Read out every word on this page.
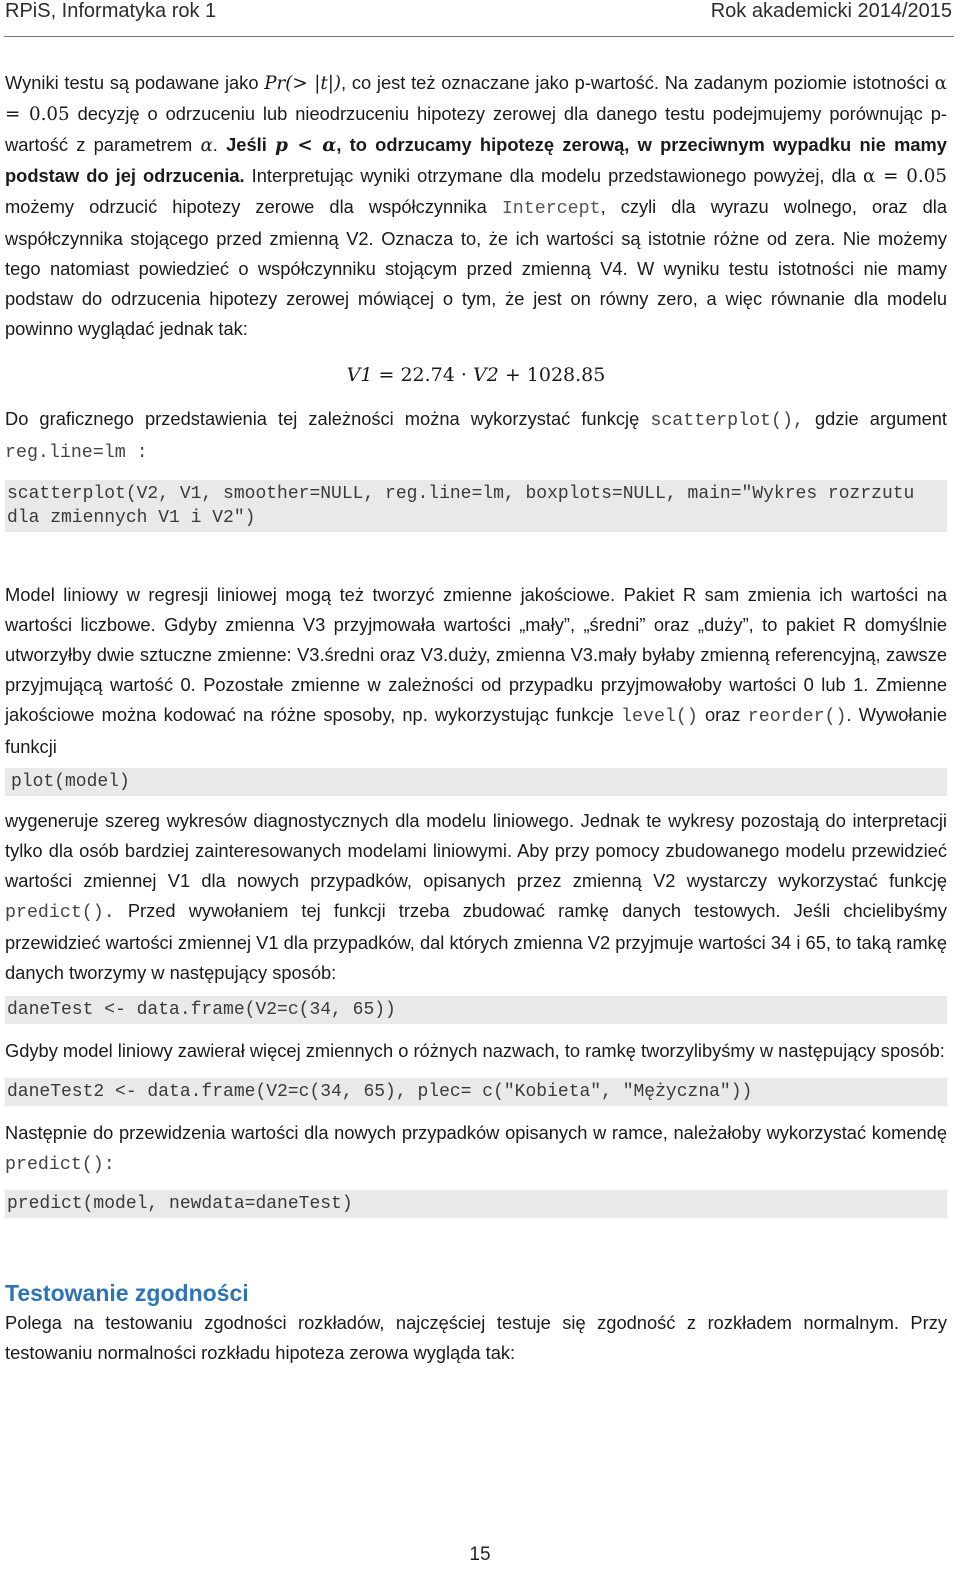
RPiS, Informatyka rok 1	Rok akademicki 2014/2015

Wyniki testu są podawane jako Pr(> |t|), co jest też oznaczane jako p-wartość. Na zadanym poziomie istotności α = 0.05 decyzję o odrzuceniu lub nieodrzuceniu hipotezy zerowej dla danego testu podejmujemy porównując p-wartość z parametrem α. Jeśli p < α, to odrzucamy hipotezę zerową, w przeciwnym wypadku nie mamy podstaw do jej odrzucenia. Interpretując wyniki otrzymane dla modelu przedstawionego powyżej, dla α = 0.05 możemy odrzucić hipotezy zerowe dla współczynnika Intercept, czyli dla wyrazu wolnego, oraz dla współczynnika stojącego przed zmienną V2. Oznacza to, że ich wartości są istotnie różne od zera. Nie możemy tego natomiast powiedzieć o współczynniku stojącym przed zmienną V4. W wyniku testu istotności nie mamy podstaw do odrzucenia hipotezy zerowej mówiącej o tym, że jest on równy zero, a więc równanie dla modelu powinno wyglądać jednak tak:

V1 = 22.74 · V2 + 1028.85

Do graficznego przedstawienia tej zależności można wykorzystać funkcję scatterplot(), gdzie argument reg.line=lm :

scatterplot(V2, V1, smoother=NULL, reg.line=lm, boxplots=NULL, main="Wykres rozrzutu dla zmiennych V1 i V2")

Model liniowy w regresji liniowej mogą też tworzyć zmienne jakościowe. Pakiet R sam zmienia ich wartości na wartości liczbowe. Gdyby zmienna V3 przyjmowała wartości „mały”, „średni” oraz „duży”, to pakiet R domyślnie utworzyłby dwie sztuczne zmienne: V3.średni oraz V3.duży, zmienna V3.mały byłaby zmienną referencyjną, zawsze przyjmującą wartość 0. Pozostałe zmienne w zależności od przypadku przyjmowałoby wartości 0 lub 1. Zmienne jakościowe można kodować na różne sposoby, np. wykorzystując funkcje level() oraz reorder(). Wywołanie funkcji

plot(model)

wygeneruje szereg wykresów diagnostycznych dla modelu liniowego. Jednak te wykresy pozostają do interpretacji tylko dla osób bardziej zainteresowanych modelami liniowymi. Aby przy pomocy zbudowanego modelu przewidzieć wartości zmiennej V1 dla nowych przypadków, opisanych przez zmienną V2 wystarczy wykorzystać funkcję predict(). Przed wywołaniem tej funkcji trzeba zbudować ramkę danych testowych. Jeśli chcielibyśmy przewidzieć wartości zmiennej V1 dla przypadków, dal których zmienna V2 przyjmuje wartości 34 i 65, to taką ramkę danych tworzymy w następujący sposób:

daneTest <- data.frame(V2=c(34, 65))

Gdyby model liniowy zawierał więcej zmiennych o różnych nazwach, to ramkę tworzylibyśmy w następujący sposób:

daneTest2 <- data.frame(V2=c(34, 65), plec= c("Kobieta", "Mężyczna"))

Następnie do przewidzenia wartości dla nowych przypadków opisanych w ramce, należałoby wykorzystać komendę predict():

predict(model, newdata=daneTest)
Testowanie zgodności

Polega na testowaniu zgodności rozkładów, najczęściej testuje się zgodność z rozkładem normalnym. Przy testowaniu normalności rozkładu hipoteza zerowa wygląda tak:

15
